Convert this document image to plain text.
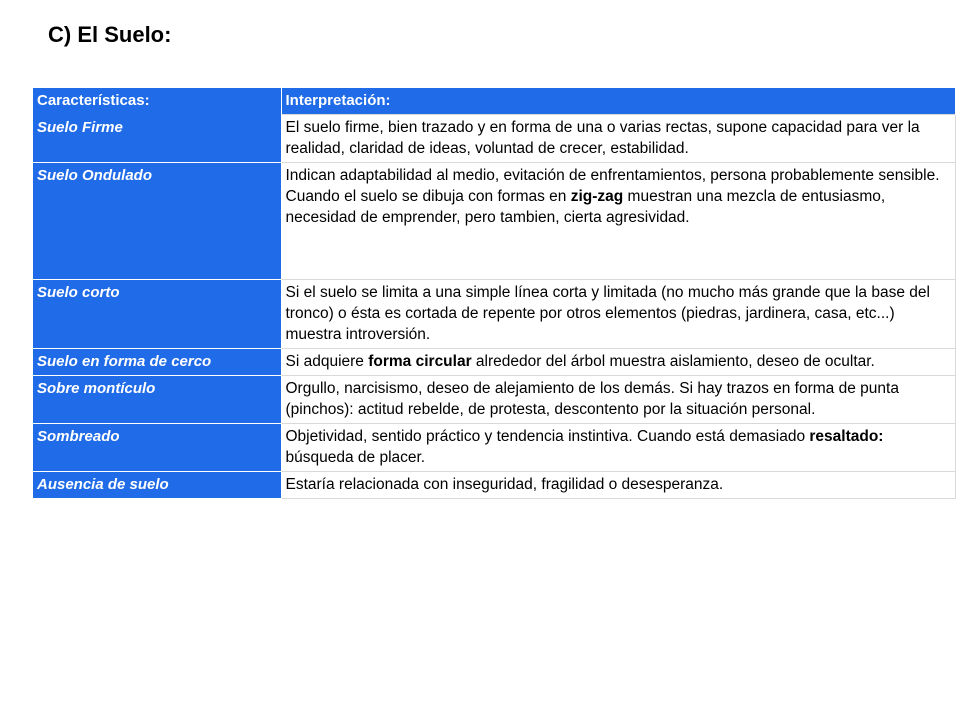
C) El Suelo:
Características:	Interpretación:
Suelo Firme	El suelo firme, bien trazado y en forma de una o varias rectas, supone capacidad para ver la realidad, claridad de ideas, voluntad de crecer, estabilidad.
Suelo Ondulado	Indican adaptabilidad al medio, evitación de enfrentamientos, persona probablemente sensible. Cuando el suelo se dibuja con formas en zig-zag muestran una mezcla de entusiasmo, necesidad de emprender, pero tambien, cierta agresividad.
Suelo corto	Si el suelo se limita a una simple línea corta y limitada (no mucho más grande que la base del tronco) o ésta es cortada de repente por otros elementos (piedras, jardinera, casa, etc...) muestra introversión.
Suelo en forma de cerco	Si adquiere forma circular alrededor del árbol muestra aislamiento, deseo de ocultar.
Sobre montículo	Orgullo, narcisismo, deseo de alejamiento de los demás. Si hay trazos en forma de punta (pinchos): actitud rebelde, de protesta, descontento por la situación personal.
Sombreado	Objetividad, sentido práctico y tendencia instintiva. Cuando está demasiado resaltado: búsqueda de placer.
Ausencia de suelo	Estaría relacionada con inseguridad, fragilidad o desesperanza.
